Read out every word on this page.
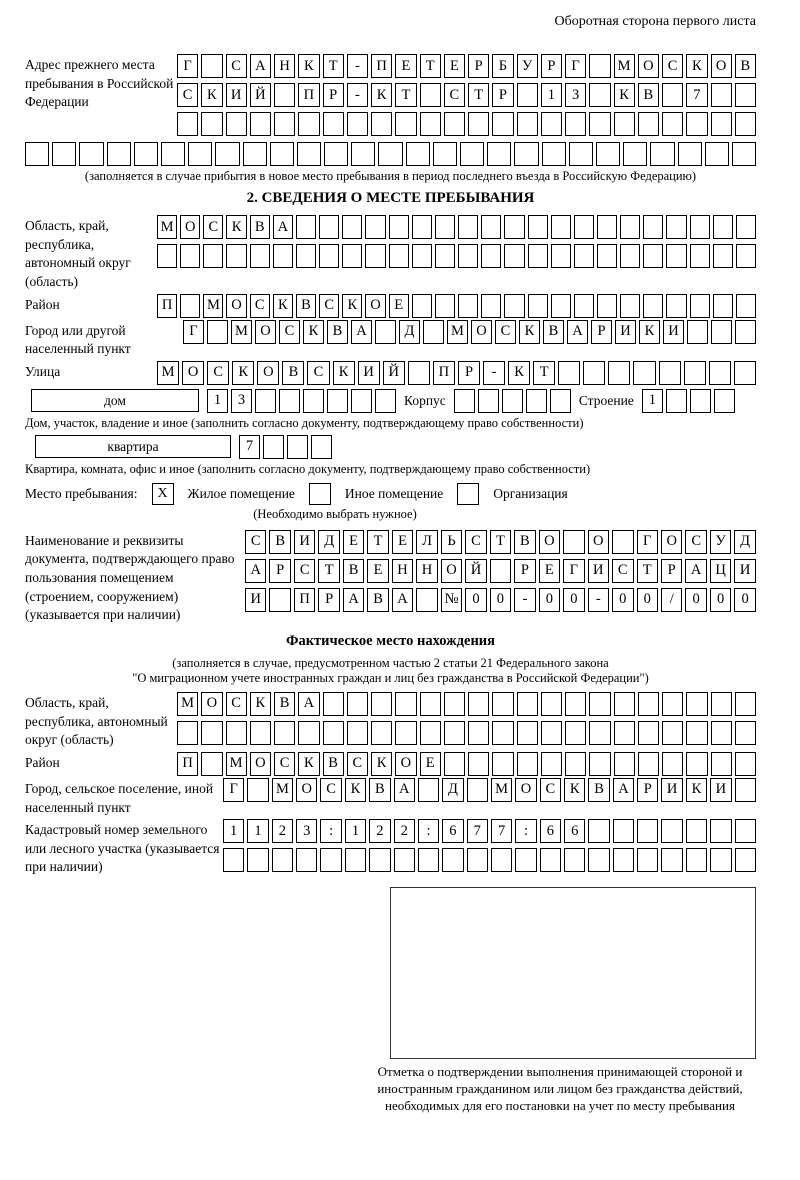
Оборотная сторона первого листа
Адрес прежнего места пребывания в Российской Федерации
Г	С А Н К	Т	-	П	Е	Т	Е	Р	Б	У	Р	Г	М О С	К О В
С	К И Й	П	Р	-	К	Т	С	Т	Р	1	3	К	В	7
(заполняется в случае прибытия в новое место пребывания в период последнего въезда в Российскую Федерацию)
2. СВЕДЕНИЯ О МЕСТЕ ПРЕБЫВАНИЯ
Область, край, республика, автономный округ (область)
М О С К В А
Район	П	М О С К В С К О Е
Город или другой населенный пункт
Г	М О С К В А	Д	М О С К В А	Р	И К И
Улица	М О	С	К	О	В	С	К	И	Й	П	Р	-	К	Т
дом	1	3	Корпус	Строение	1
Дом, участок, владение и иное (заполнить согласно документу, подтверждающему право собственности)
квартира	7
Квартира, комната, офис и иное (заполнить согласно документу, подтверждающему право собственности)
Место пребывания:	X	Жилое помещение	Иное помещение	Организация
(Необходимо выбрать нужное)
Наименование и реквизиты документа, подтверждающего право пользования помещением (строением, сооружением) (указывается при наличии)
С	В И Д	Е	Т	Е	Л	Ь	С	Т	В О	О	Г	О С	У Д
А	Р	С	Т	В	Е	Н Н О Й	Р	Е	Г	И С	Т	Р	А Ц И
И	П	Р	А В А	№ 0	0	-	0	0	-	0	0	/	0	0	0
Фактическое место нахождения
(заполняется в случае, предусмотренном частью 2 статьи 21 Федерального закона
"О миграционном учете иностранных граждан и лиц без гражданства в Российской Федерации")
Область, край, республика, автономный округ (область)
М О С	К	В А
Район	П	М О С	К	В	С	К О	Е
Город, сельское поселение, иной населенный пункт
Г	М О С	К	В А	Д	М О С	К	В А	Р	И К И
Кадастровый номер земельного или лесного участка (указывается при наличии)
1	1	2	3	:	1	2	2	:	6	7	7	:	6	6
Отметка о подтверждении выполнения принимающей стороной и иностранным гражданином или лицом без гражданства действий, необходимых для его постановки на учет по месту пребывания
